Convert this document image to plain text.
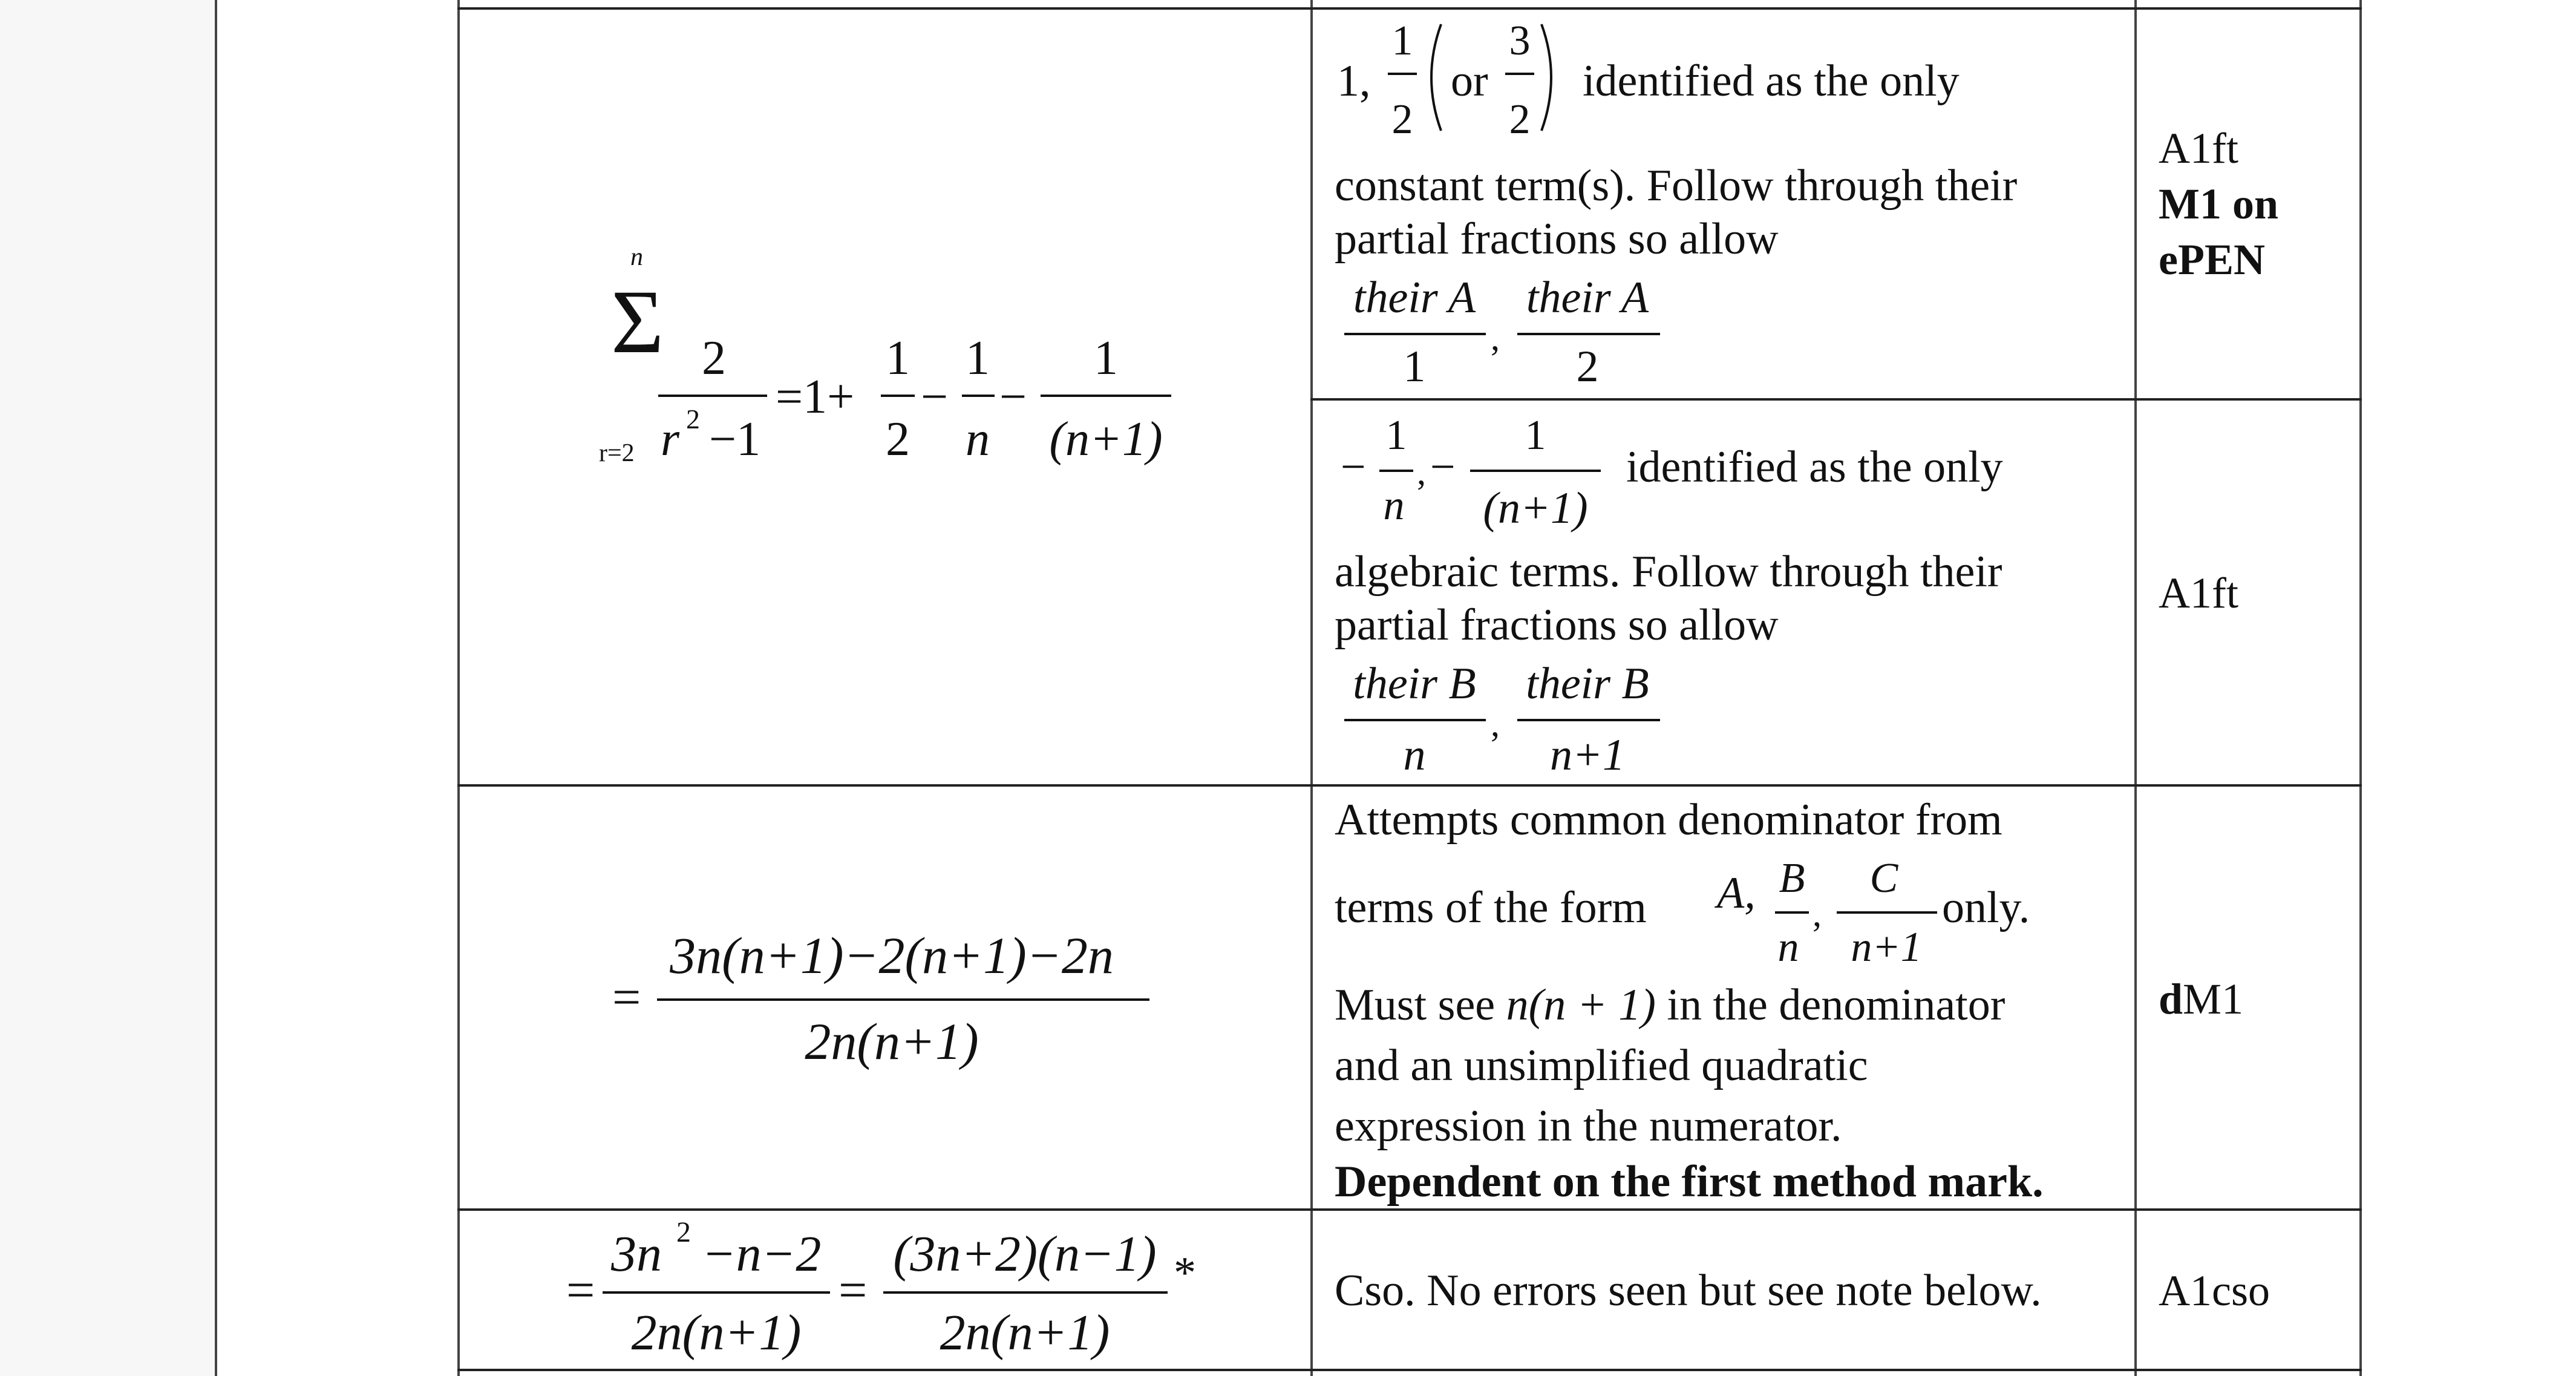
Σ
n
r=2
2
r 2 −1
=1+
1
2
−
1
n
−
1
(n+1)
1,
1
2
or
3
2
identified as the only
their A
1
,
their A
2
−
1
n
, −
1
(n+1)
identified as the only
their B
n
,
their B
n+1
=
3n(n+1)−2(n+1)−2n
2n(n+1)
A, B
n
,
C
n+1
=
3n 2 −n−2
2n(n+1)
=
(3n+2)(n−1)
2n(n+1)
*
constant term(s). Follow through their
partial fractions so allow
A1ft
M1 on
ePEN
algebraic terms. Follow through their
partial fractions so allow
A1ft
Attempts common denominator from
terms of the form	only.
Must see n(n + 1) in the denominator
and an unsimplified quadratic
expression in the numerator.
Dependent on the first method mark.
dM1
Cso. No errors seen but see note below.	A1cso
